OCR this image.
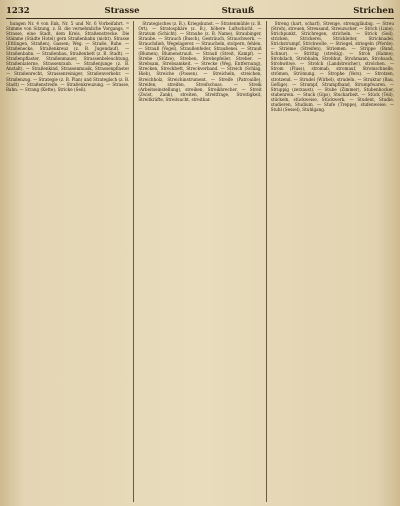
1232	Strasse	Strauß	Strichen

hungen Nr. 4 von Enk, Nr. 5 und Nr. 6 Vorbeifahrt. = Stimme von Sitzung, z. B. die vernehmliche Vorgangs. = Strasse, eine Stadt, dem Kreis, Straßenstrecke. Die Stämme (Städte Hotel) gern Straßenbahn (nicht). Strasse (Ettlingen, Straßen), Gassen; Weg. — Straße, Ruhe. — Straßenecke, Straßenkreuz (z. B. Jugendauf). — Straßenbahn. — Straßenbau, Straßenbett (z. B. Stadt). — Straßenpflaster, Straßenmauer, Strassenbeleuchtung, Straßenlaterne, Strassenraub. — Straßenjunge (z. B. Anstalt). — Straßenkind, Strassenmusik, Strassenpflaster — Straßenrecht, Strassenreiniger, Straßenverkehr. — Straßenzug. — Strategie (z. B. Plan) und Strategisch (z. B. Stadt) — Straßenstreife. — Straßenkreuzung. — Strasse, Bahn. — Strang (Kette), Stricke (Seil).

Strategisches (z. B.), Kriegskunst. — Stratenmühle (z. B. Ort). — Stratosphäre (z. B.), höhere Luftschicht. — Stratum (Schicht). — Straube (z. B. Name), Straubinger, Straube. — Strauch (Busch), Gesträuch, Strauchwerk. — Strauchdieb, Wegelagerer. — Straucheln, stolpern, fehlen. — Strauß (Vogel), Straußenfeder, Straußenei. — Strauß (Blumen), Blumenstrauß. — Strauß (Streit, Kampf). — Strebe (Stütze), Streben, Strebepfeiler, Streber. — Strebsam, Strebsamkeit. — Strecke (Weg, Entfernung), Strecken, Streckbett, Streckverband. — Streich (Schlag, Hieb), Streiche (Possen). — Streicheln, streichen, Streichholz, Streichinstrument. — Streife (Patrouille), Streifen, streifen, Streifschuss. — Streik (Arbeitseinstellung), streiken, Streikbrecher. — Streit (Zwist, Zank), streiten, Streitfrage, Streitigkeit, Streitkräfte, Streitsucht, streitbar.

Streng (hart, scharf), Strenge, strenggläubig. — Streu (Stroh), streuen, Streusand, Streuzucker. — Strich (Linie), Strichpunkt, Strichregen, stricheln. — Strick (Seil), stricken, Strickerei, Strickleiter, Stricknadel, Strickstrumpf, Strickwolle. — Striegel, striegeln (Pferde). — Strieme (Streifen), Striemen. — Strippe (Band, Schnur). — Strittig (streitig). — Stroh (Halme), Strohdach, Strohhalm, Strohhut, Strohmann, Strohsack, Strohwitwe. — Strolch (Landstreicher), strolchen. — Strom (Fluss), stromab, stromauf, Stromschnelle, strömen, Strömung. — Strophe (Vers). — Strotzen, strotzend. — Strudel (Wirbel), strudeln. — Struktur (Bau, Gefüge). — Strumpf, Strumpfband, Strumpfwaren. — Struppig (zerzaust). — Stube (Zimmer), Stubenhocker, stubenrein. — Stuck (Gips), Stuckarbeit. — Stück (Teil), stückeln, stückweise, Stückwerk. — Student, Studie, studieren, Studium. — Stufe (Treppe), stufenweise. — Stuhl (Sessel), Stuhlgang.
